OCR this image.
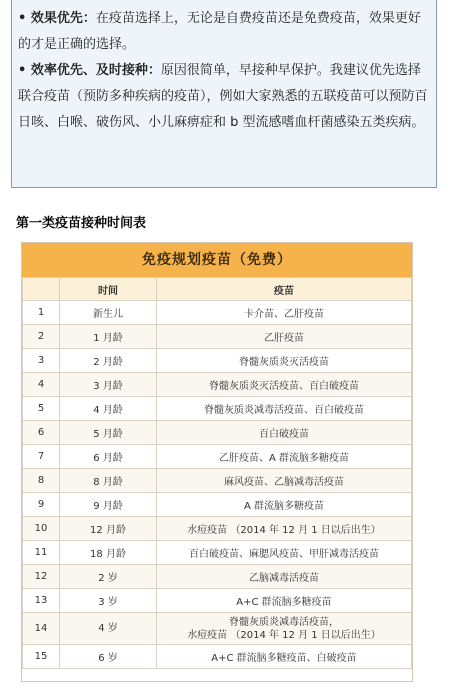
• 效果优先：在疫苗选择上，无论是自费疫苗还是免费疫苗，效果更好的才是正确的选择。

• 效率优先、及时接种：原因很简单，早接种早保护。我建议优先选择联合疫苗（预防多种疾病的疫苗），例如大家熟悉的五联疫苗可以预防百日咳、白喉、破伤风、小儿麻痹症和 b 型流感嗜血杆菌感染五类疾病。

第一类疫苗接种时间表
免疫规划疫苗（免费）
	时间	疫苗
1	新生儿	卡介苗、乙肝疫苗
2	1 月龄	乙肝疫苗
3	2 月龄	脊髓灰质炎灭活疫苗
4	3 月龄	脊髓灰质炎灭活疫苗、百白破疫苗
5	4 月龄	脊髓灰质炎减毒活疫苗、百白破疫苗
6	5 月龄	百白破疫苗
7	6 月龄	乙肝疫苗、A 群流脑多糖疫苗
8	8 月龄	麻风疫苗、乙脑减毒活疫苗
9	9 月龄	A 群流脑多糖疫苗
10	12 月龄	水痘疫苗 （2014 年 12 月 1 日以后出生）
11	18 月龄	百白破疫苗、麻腮风疫苗、甲肝减毒活疫苗
12	2 岁	乙脑减毒活疫苗
13	3 岁	A+C 群流脑多糖疫苗
14	4 岁	脊髓灰质炎减毒活疫苗，
水痘疫苗 （2014 年 12 月 1 日以后出生）
15	6 岁	A+C 群流脑多糖疫苗、白破疫苗
